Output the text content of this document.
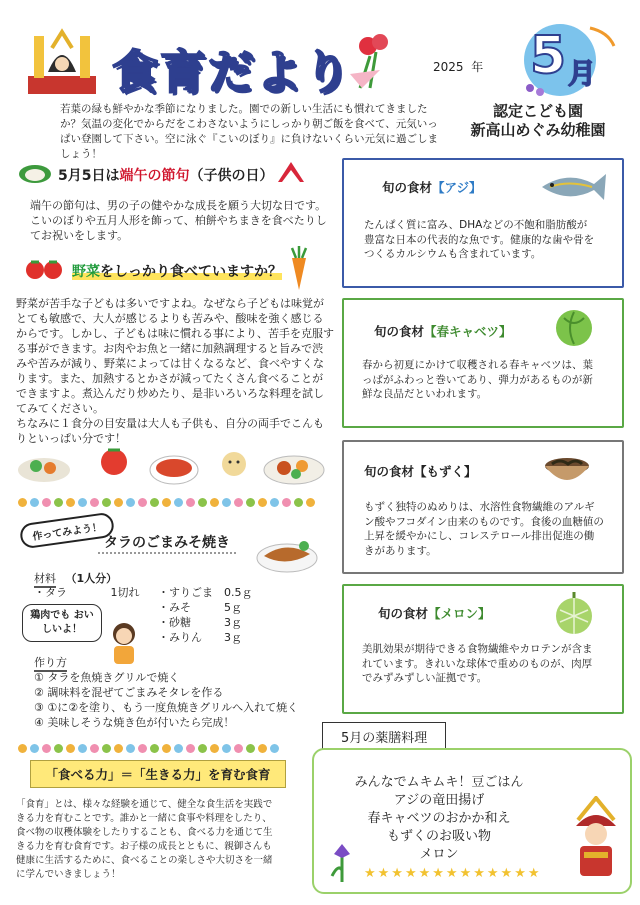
食育だより	2025 年 5 月
認定こども園
新高山めぐみ幼稚園
若葉の緑も鮮やかな季節になりました。園での新しい生活にも慣れてきましたか？気温の変化でからだをこわさないようにしっかり朝ご飯を食べて、元気いっぱい登園して下さい。空に泳ぐ『こいのぼり』に負けないくらい元気に過ごしましょう！
5月5日は端午の節句（子供の日）
端午の節句は、男の子の健やかな成長を願う大切な日です。こいのぼりや五月人形を飾って、柏餅やちまきを食べたりしてお祝いをします。
野菜をしっかり食べていますか？
野菜が苦手な子どもは多いですよね。なぜなら子どもは味覚がとても敏感で、大人が感じるよりも苦みや、酸味を強く感じるからです。しかし、子どもは味に慣れる事により、苦手を克服する事ができます。お肉やお魚と一緒に加熱調理すると旨みで渋みや苦みが減り、野菜によっては甘くなるなど、食べやすくなります。また、加熱するとかさが減ってたくさん食べることができますよ。煮込んだり炒めたり、是非いろいろな料理を試してみてください。
ちなみに１食分の目安量は大人も子供も、自分の両手でこんもりといっぱい分です！
作ってみよう！
タラのごまみそ焼き
材料 （1人分）
・タラ	1切れ ・すりごま 0.5ｇ
・みそ	5ｇ
・砂糖	3ｇ
・みりん 3ｇ
鶏肉でも おいしいよ！
作り方
① タラを魚焼きグリルで焼く
② 調味料を混ぜてごまみそタレを作る
③ ①に②を塗り、もう一度魚焼きグリルへ入れて焼く
④ 美味しそうな焼き色が付いたら完成！
「食べる力」＝「生きる力」を育む食育
「食育」とは、様々な経験を通じて、健全な食生活を実践できる力を育むことです。誰かと一緒に食事や料理をしたり、食べ物の収穫体験をしたりすることも、食べる力を通じて生きる力を育む食育です。お子様の成長とともに、親御さんも健康に生活するために、食べることの楽しさや大切さを一緒に学んでいきましょう！
旬の食材【アジ】
たんぱく質に富み、DHAなどの不飽和脂肪酸が豊富な日本の代表的な魚です。健康的な歯や骨をつくるカルシウムも含まれています。
旬の食材【春キャベツ】
春から初夏にかけて収穫される春キャベツは、葉っぱがふわっと巻いてあり、弾力があるものが新鮮な良品だといわれます。
旬の食材【もずく】
もずく独特のぬめりは、水溶性食物繊維のアルギン酸やフコダイン由来のものです。食後の血糖値の上昇を緩やかにし、コレステロール排出促進の働きがあります。
旬の食材【メロン】
美肌効果が期待できる食物繊維やカロテンが含まれています。きれいな球体で重めのものが、肉厚でみずみずしい証拠です。
5月の薬膳料理
みんなでムキムキ！豆ごはん
アジの竜田揚げ
春キャベツのおかか和え
もずくのお吸い物
メロン
★★★★★★★★★★★★★
